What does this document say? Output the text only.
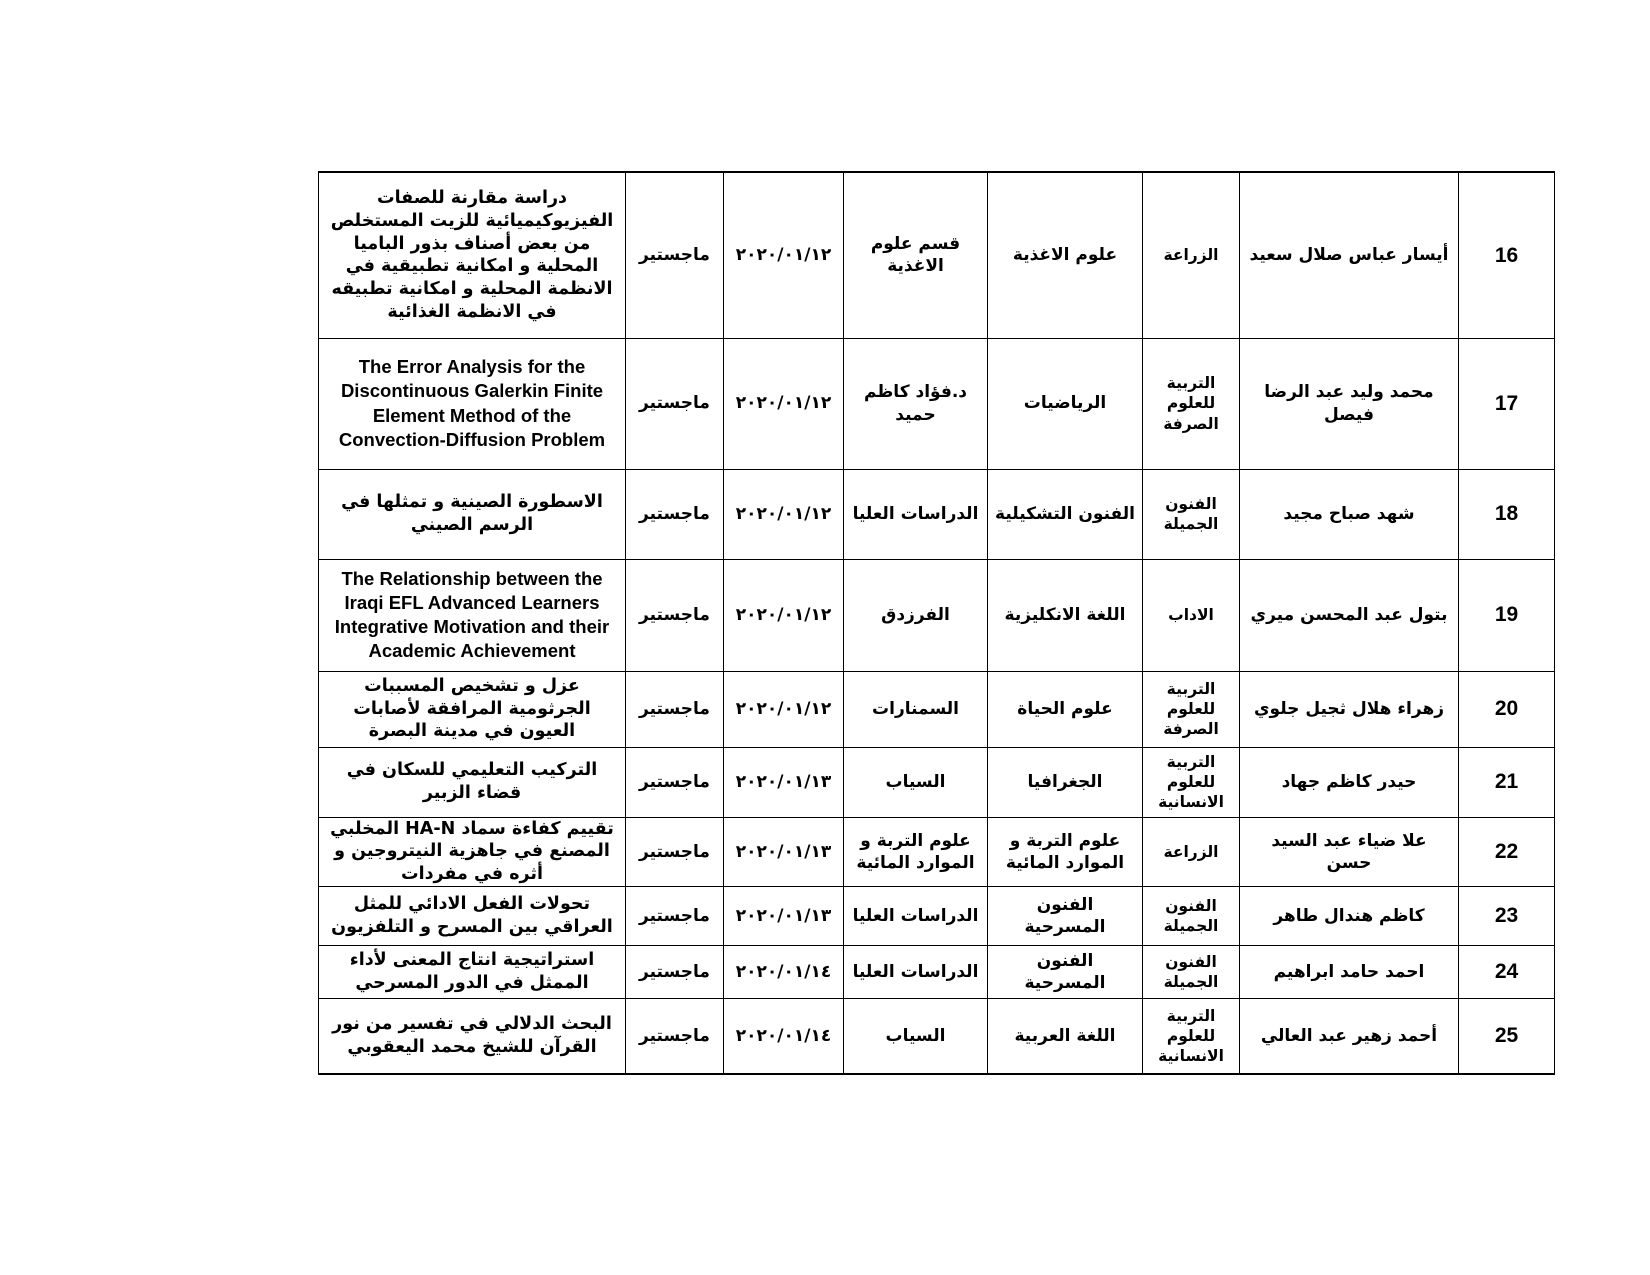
16	أيسار عباس صلال سعيد	الزراعة	علوم الاغذية	قسم علوم الاغذية	٢٠٢٠/٠١/١٢	ماجستير	دراسة مقارنة للصفات الفيزيوكيميائية للزيت المستخلص من بعض أصناف بذور الباميا المحلية و امكانية تطبيقية في الانظمة المحلية و امكانية تطبيقه في الانظمة الغذائية
17	محمد وليد عبد الرضا فيصل	التربية للعلوم الصرفة	الرياضيات	د.فؤاد كاظم حميد	٢٠٢٠/٠١/١٢	ماجستير	The Error Analysis for the Discontinuous Galerkin Finite Element Method of the Convection-Diffusion Problem
18	شهد صباح مجيد	الفنون الجميلة	الفنون التشكيلية	الدراسات العليا	٢٠٢٠/٠١/١٢	ماجستير	الاسطورة الصينية و تمثلها في الرسم الصيني
19	بتول عبد المحسن ميري	الاداب	اللغة الانكليزية	الفرزدق	٢٠٢٠/٠١/١٢	ماجستير	The Relationship between the Iraqi EFL Advanced Learners Integrative Motivation and their Academic Achievement
20	زهراء هلال ثجيل جلوي	التربية للعلوم الصرفة	علوم الحياة	السمنارات	٢٠٢٠/٠١/١٢	ماجستير	عزل و تشخيص المسببات الجرثومية المرافقة لأصابات العيون في مدينة البصرة
21	حيدر كاظم جهاد	التربية للعلوم الانسانية	الجغرافيا	السياب	٢٠٢٠/٠١/١٣	ماجستير	التركيب التعليمي للسكان في قضاء الزبير
22	علا ضياء عبد السيد حسن	الزراعة	علوم التربة و الموارد المائية	علوم التربة و الموارد المائية	٢٠٢٠/٠١/١٣	ماجستير	تقييم كفاءة سماد HA-N المخلبي المصنع في جاهزية النيتروجين و أثره في مفردات
23	كاظم هندال طاهر	الفنون الجميلة	الفنون المسرحية	الدراسات العليا	٢٠٢٠/٠١/١٣	ماجستير	تحولات الفعل الادائي للمثل العراقي بين المسرح و التلفزيون
24	احمد حامد ابراهيم	الفنون الجميلة	الفنون المسرحية	الدراسات العليا	٢٠٢٠/٠١/١٤	ماجستير	استراتيجية انتاج المعنى لأداء الممثل في الدور المسرحي
25	أحمد زهير عبد العالي	التربية للعلوم الانسانية	اللغة العربية	السياب	٢٠٢٠/٠١/١٤	ماجستير	البحث الدلالي في تفسير من نور القرآن للشيخ محمد اليعقوبي
